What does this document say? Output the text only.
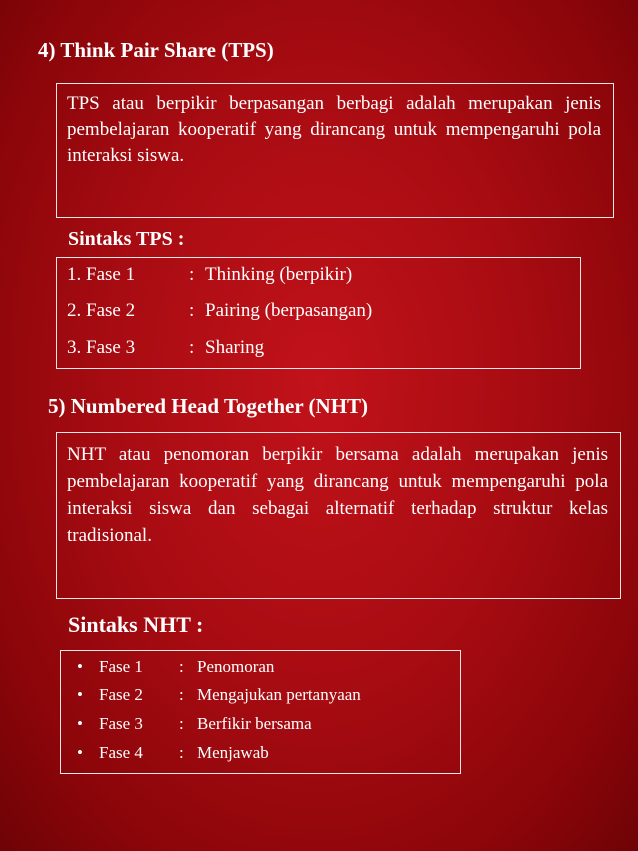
4) Think Pair Share (TPS)
TPS atau berpikir berpasangan berbagi adalah merupakan jenis pembelajaran kooperatif yang dirancang untuk mempengaruhi pola interaksi siswa.
Sintaks TPS :
1. Fase 1	: Thinking (berpikir)
2. Fase 2	: Pairing (berpasangan)
3. Fase 3	: Sharing
5) Numbered Head Together (NHT)
NHT atau penomoran berpikir bersama adalah merupakan jenis pembelajaran kooperatif yang dirancang untuk mempengaruhi pola interaksi siswa dan sebagai alternatif terhadap struktur kelas tradisional.
Sintaks NHT :
• Fase 1 : Penomoran
• Fase 2 : Mengajukan pertanyaan
• Fase 3 : Berfikir bersama
• Fase 4 : Menjawab
